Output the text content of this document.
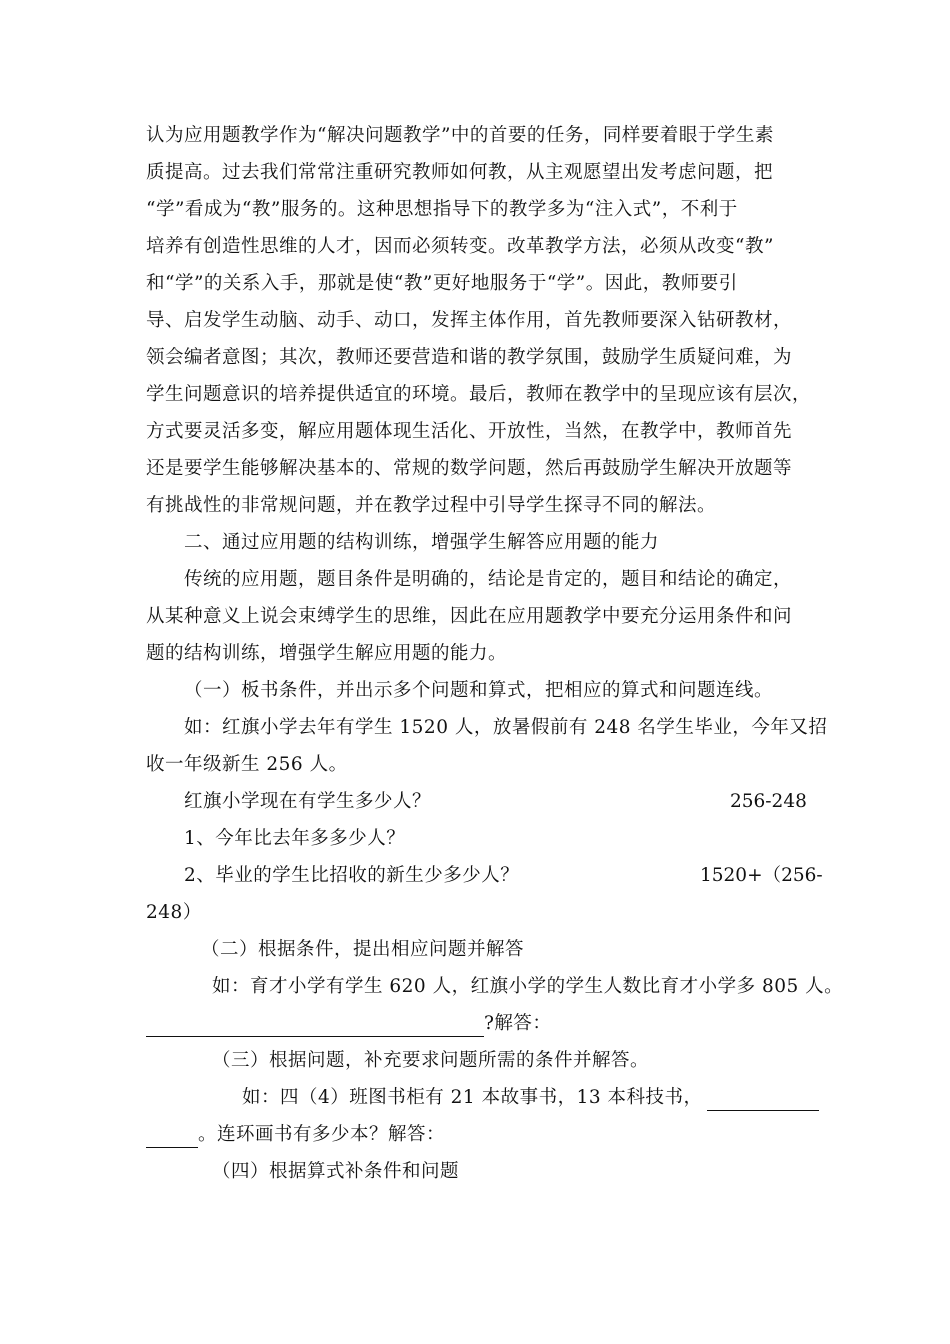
认为应用题教学作为“解决问题教学”中的首要的任务，同样要着眼于学生素
质提高。过去我们常常注重研究教师如何教，从主观愿望出发考虑问题，把
“学”看成为“教”服务的。这种思想指导下的教学多为“注入式”，不利于
培养有创造性思维的人才，因而必须转变。改革教学方法，必须从改变“教”
和“学”的关系入手，那就是使“教”更好地服务于“学”。因此，教师要引
导、启发学生动脑、动手、动口，发挥主体作用，首先教师要深入钻研教材，
领会编者意图；其次，教师还要营造和谐的教学氛围，鼓励学生质疑问难，为
学生问题意识的培养提供适宜的环境。最后，教师在教学中的呈现应该有层次，
方式要灵活多变，解应用题体现生活化、开放性，当然，在教学中，教师首先
还是要学生能够解决基本的、常规的数学问题，然后再鼓励学生解决开放题等
有挑战性的非常规问题，并在教学过程中引导学生探寻不同的解法。
二、通过应用题的结构训练，增强学生解答应用题的能力
传统的应用题，题目条件是明确的，结论是肯定的，题目和结论的确定，
从某种意义上说会束缚学生的思维，因此在应用题教学中要充分运用条件和问
题的结构训练，增强学生解应用题的能力。
（一）板书条件，并出示多个问题和算式，把相应的算式和问题连线。
如：红旗小学去年有学生 1520 人，放暑假前有 248 名学生毕业，今年又招
收一年级新生 256 人。
红旗小学现在有学生多少人？	256-248
1、今年比去年多多少人？
2、毕业的学生比招收的新生少多少人？	1520+（256-
248）
（二）根据条件，提出相应问题并解答
如：育才小学有学生 620 人，红旗小学的学生人数比育才小学多 805 人。
?解答：
（三）根据问题，补充要求问题所需的条件并解答。
如：四（4）班图书柜有 21 本故事书，13 本科技书，
。连环画书有多少本？解答：
（四）根据算式补条件和问题
